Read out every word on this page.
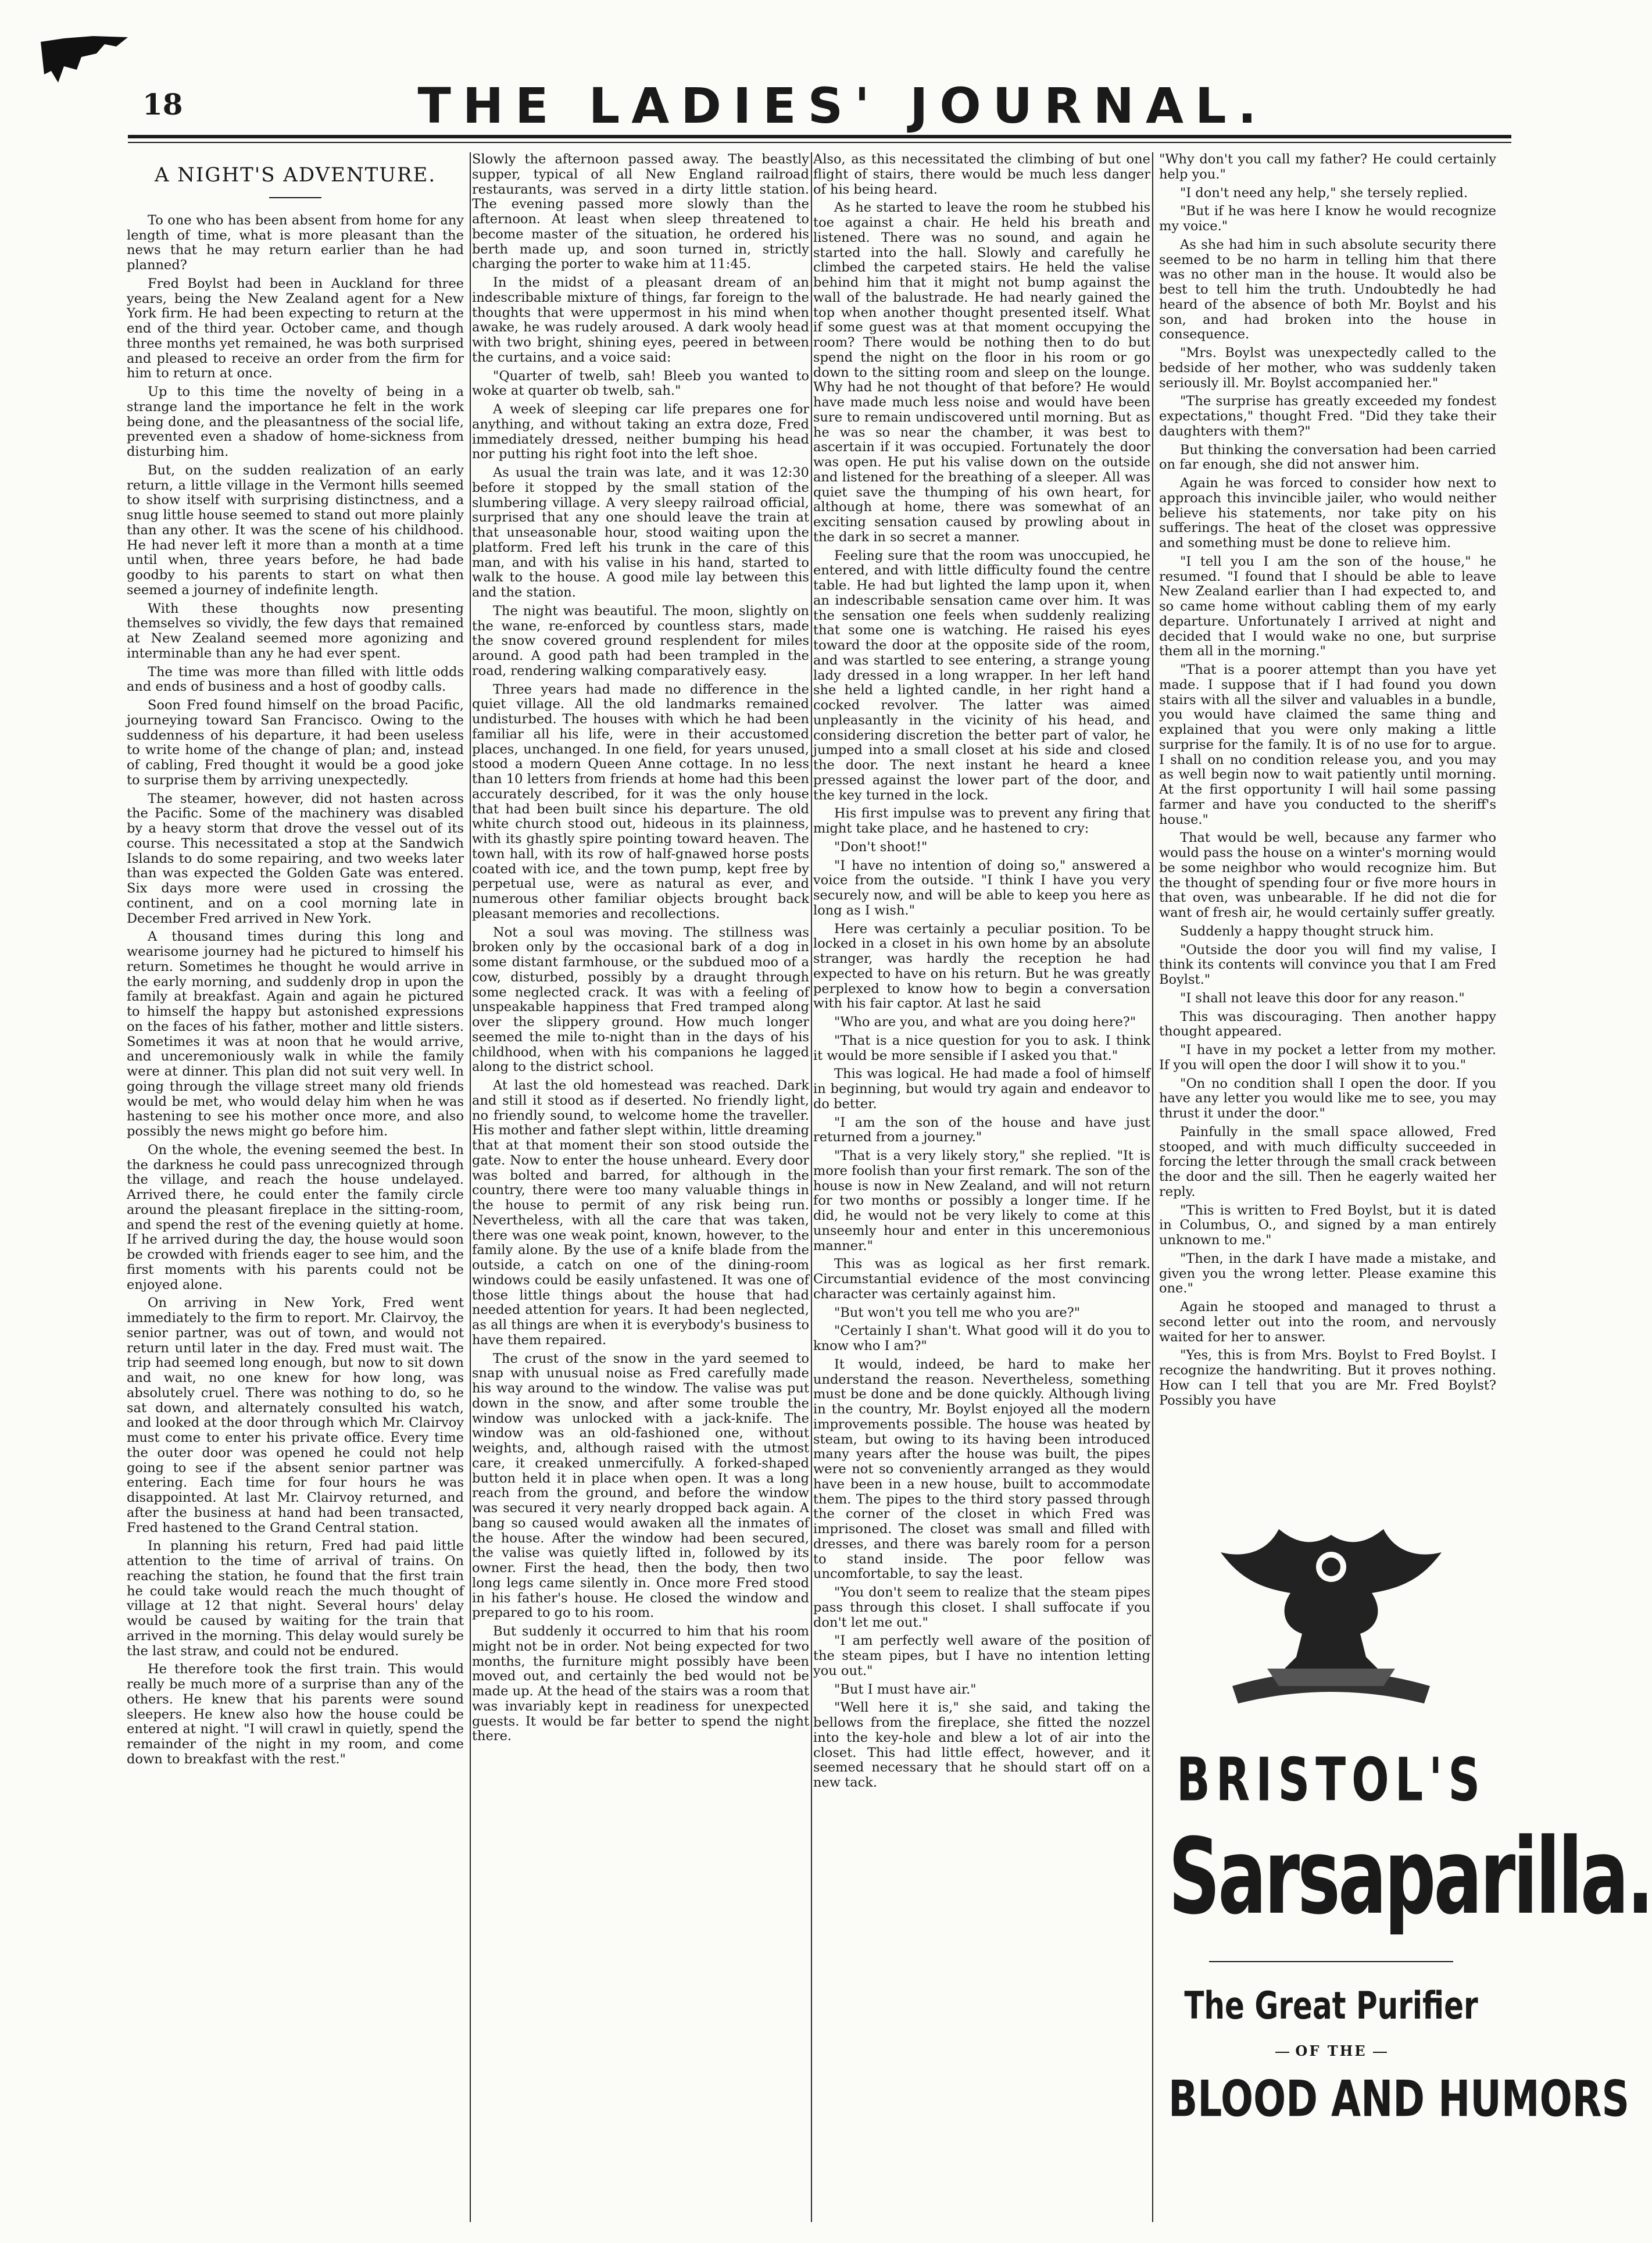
18	THE LADIES' JOURNAL.
A NIGHT'S ADVENTURE.

To one who has been absent from home for any length of time, what is more pleasant than the news that he may return earlier than he had planned?

Fred Boylst had been in Auckland for three years, being the New Zealand agent for a New York firm. He had been expecting to return at the end of the third year. October came, and though three months yet remained, he was both surprised and pleased to receive an order from the firm for him to return at once.

Up to this time the novelty of being in a strange land the importance he felt in the work being done, and the pleasantness of the social life, prevented even a shadow of home-sickness from disturbing him.

But, on the sudden realization of an early return, a little village in the Vermont hills seemed to show itself with surprising distinctness, and a snug little house seemed to stand out more plainly than any other. It was the scene of his childhood. He had never left it more than a month at a time until when, three years before, he had bade goodby to his parents to start on what then seemed a journey of indefinite length.

With these thoughts now presenting themselves so vividly, the few days that remained at New Zealand seemed more agonizing and interminable than any he had ever spent.

The time was more than filled with little odds and ends of business and a host of goodby calls.

Soon Fred found himself on the broad Pacific, journeying toward San Francisco. Owing to the suddenness of his departure, it had been useless to write home of the change of plan; and, instead of cabling, Fred thought it would be a good joke to surprise them by arriving unexpectedly.

The steamer, however, did not hasten across the Pacific. Some of the machinery was disabled by a heavy storm that drove the vessel out of its course. This necessitated a stop at the Sandwich Islands to do some repairing, and two weeks later than was expected the Golden Gate was entered. Six days more were used in crossing the continent, and on a cool morning late in December Fred arrived in New York.

A thousand times during this long and wearisome journey had he pictured to himself his return. Sometimes he thought he would arrive in the early morning, and suddenly drop in upon the family at breakfast. Again and again he pictured to himself the happy but astonished expressions on the faces of his father, mother and little sisters. Sometimes it was at noon that he would arrive, and unceremoniously walk in while the family were at dinner. This plan did not suit very well. In going through the village street many old friends would be met, who would delay him when he was hastening to see his mother once more, and also possibly the news might go before him.

On the whole, the evening seemed the best. In the darkness he could pass unrecognized through the village, and reach the house undelayed. Arrived there, he could enter the family circle around the pleasant fireplace in the sitting-room, and spend the rest of the evening quietly at home. If he arrived during the day, the house would soon be crowded with friends eager to see him, and the first moments with his parents could not be enjoyed alone.

On arriving in New York, Fred went immediately to the firm to report. Mr. Clairvoy, the senior partner, was out of town, and would not return until later in the day. Fred must wait. The trip had seemed long enough, but now to sit down and wait, no one knew for how long, was absolutely cruel. There was nothing to do, so he sat down, and alternately consulted his watch, and looked at the door through which Mr. Clairvoy must come to enter his private office. Every time the outer door was opened he could not help going to see if the absent senior partner was entering. Each time for four hours he was disappointed. At last Mr. Clairvoy returned, and after the business at hand had been transacted, Fred hastened to the Grand Central station.

In planning his return, Fred had paid little attention to the time of arrival of trains. On reaching the station, he found that the first train he could take would reach the much thought of village at 12 that night. Several hours' delay would be caused by waiting for the train that arrived in the morning. This delay would surely be the last straw, and could not be endured.

He therefore took the first train. This would really be much more of a surprise than any of the others. He knew that his parents were sound sleepers. He knew also how the house could be entered at night. "I will crawl in quietly, spend the remainder of the night in my room, and come down to breakfast with the rest."

Slowly the afternoon passed away. The beastly supper, typical of all New England railroad restaurants, was served in a dirty little station. The evening passed more slowly than the afternoon. At least when sleep threatened to become master of the situation, he ordered his berth made up, and soon turned in, strictly charging the porter to wake him at 11:45.

In the midst of a pleasant dream of an indescribable mixture of things, far foreign to the thoughts that were uppermost in his mind when awake, he was rudely aroused. A dark wooly head with two bright, shining eyes, peered in between the curtains, and a voice said:

"Quarter of twelb, sah! Bleeb you wanted to woke at quarter ob twelb, sah."

A week of sleeping car life prepares one for anything, and without taking an extra doze, Fred immediately dressed, neither bumping his head nor putting his right foot into the left shoe.

As usual the train was late, and it was 12:30 before it stopped by the small station of the slumbering village. A very sleepy railroad official, surprised that any one should leave the train at that unseasonable hour, stood waiting upon the platform. Fred left his trunk in the care of this man, and with his valise in his hand, started to walk to the house. A good mile lay between this and the station.

The night was beautiful. The moon, slightly on the wane, re-enforced by countless stars, made the snow covered ground resplendent for miles around. A good path had been trampled in the road, rendering walking comparatively easy.

Three years had made no difference in the quiet village. All the old landmarks remained undisturbed. The houses with which he had been familiar all his life, were in their accustomed places, unchanged. In one field, for years unused, stood a modern Queen Anne cottage. In no less than 10 letters from friends at home had this been accurately described, for it was the only house that had been built since his departure. The old white church stood out, hideous in its plainness, with its ghastly spire pointing toward heaven. The town hall, with its row of half-gnawed horse posts coated with ice, and the town pump, kept free by perpetual use, were as natural as ever, and numerous other familiar objects brought back pleasant memories and recollections.

Not a soul was moving. The stillness was broken only by the occasional bark of a dog in some distant farmhouse, or the subdued moo of a cow, disturbed, possibly by a draught through some neglected crack. It was with a feeling of unspeakable happiness that Fred tramped along over the slippery ground. How much longer seemed the mile to-night than in the days of his childhood, when with his companions he lagged along to the district school.

At last the old homestead was reached. Dark and still it stood as if deserted. No friendly light, no friendly sound, to welcome home the traveller. His mother and father slept within, little dreaming that at that moment their son stood outside the gate. Now to enter the house unheard. Every door was bolted and barred, for although in the country, there were too many valuable things in the house to permit of any risk being run. Nevertheless, with all the care that was taken, there was one weak point, known, however, to the family alone. By the use of a knife blade from the outside, a catch on one of the dining-room windows could be easily unfastened. It was one of those little things about the house that had needed attention for years. It had been neglected, as all things are when it is everybody's business to have them repaired.

The crust of the snow in the yard seemed to snap with unusual noise as Fred carefully made his way around to the window. The valise was put down in the snow, and after some trouble the window was unlocked with a jack-knife. The window was an old-fashioned one, without weights, and, although raised with the utmost care, it creaked unmercifully. A forked-shaped button held it in place when open. It was a long reach from the ground, and before the window was secured it very nearly dropped back again. A bang so caused would awaken all the inmates of the house. After the window had been secured, the valise was quietly lifted in, followed by its owner. First the head, then the body, then two long legs came silently in. Once more Fred stood in his father's house. He closed the window and prepared to go to his room.

But suddenly it occurred to him that his room might not be in order. Not being expected for two months, the furniture might possibly have been moved out, and certainly the bed would not be made up. At the head of the stairs was a room that was invariably kept in readiness for unexpected guests. It would be far better to spend the night there.

Also, as this necessitated the climbing of but one flight of stairs, there would be much less danger of his being heard.

As he started to leave the room he stubbed his toe against a chair. He held his breath and listened. There was no sound, and again he started into the hall. Slowly and carefully he climbed the carpeted stairs. He held the valise behind him that it might not bump against the wall of the balustrade. He had nearly gained the top when another thought presented itself. What if some guest was at that moment occupying the room? There would be nothing then to do but spend the night on the floor in his room or go down to the sitting room and sleep on the lounge. Why had he not thought of that before? He would have made much less noise and would have been sure to remain undiscovered until morning. But as he was so near the chamber, it was best to ascertain if it was occupied. Fortunately the door was open. He put his valise down on the outside and listened for the breathing of a sleeper. All was quiet save the thumping of his own heart, for although at home, there was somewhat of an exciting sensation caused by prowling about in the dark in so secret a manner.

Feeling sure that the room was unoccupied, he entered, and with little difficulty found the centre table. He had but lighted the lamp upon it, when an indescribable sensation came over him. It was the sensation one feels when suddenly realizing that some one is watching. He raised his eyes toward the door at the opposite side of the room, and was startled to see entering, a strange young lady dressed in a long wrapper. In her left hand she held a lighted candle, in her right hand a cocked revolver. The latter was aimed unpleasantly in the vicinity of his head, and considering discretion the better part of valor, he jumped into a small closet at his side and closed the door. The next instant he heard a knee pressed against the lower part of the door, and the key turned in the lock.

His first impulse was to prevent any firing that might take place, and he hastened to cry:

"Don't shoot!"

"I have no intention of doing so," answered a voice from the outside. "I think I have you very securely now, and will be able to keep you here as long as I wish."

Here was certainly a peculiar position. To be locked in a closet in his own home by an absolute stranger, was hardly the reception he had expected to have on his return. But he was greatly perplexed to know how to begin a conversation with his fair captor. At last he said

"Who are you, and what are you doing here?"

"That is a nice question for you to ask. I think it would be more sensible if I asked you that."

This was logical. He had made a fool of himself in beginning, but would try again and endeavor to do better.

"I am the son of the house and have just returned from a journey."

"That is a very likely story," she replied. "It is more foolish than your first remark. The son of the house is now in New Zealand, and will not return for two months or possibly a longer time. If he did, he would not be very likely to come at this unseemly hour and enter in this unceremonious manner."

This was as logical as her first remark. Circumstantial evidence of the most convincing character was certainly against him.

"But won't you tell me who you are?"

"Certainly I shan't. What good will it do you to know who I am?"

It would, indeed, be hard to make her understand the reason. Nevertheless, something must be done and be done quickly. Although living in the country, Mr. Boylst enjoyed all the modern improvements possible. The house was heated by steam, but owing to its having been introduced many years after the house was built, the pipes were not so conveniently arranged as they would have been in a new house, built to accommodate them. The pipes to the third story passed through the corner of the closet in which Fred was imprisoned. The closet was small and filled with dresses, and there was barely room for a person to stand inside. The poor fellow was uncomfortable, to say the least.

"You don't seem to realize that the steam pipes pass through this closet. I shall suffocate if you don't let me out."

"I am perfectly well aware of the position of the steam pipes, but I have no intention letting you out."

"But I must have air."

"Well here it is," she said, and taking the bellows from the fireplace, she fitted the nozzel into the key-hole and blew a lot of air into the closet. This had little effect, however, and it seemed necessary that he should start off on a new tack.

"Why don't you call my father? He could certainly help you."

"I don't need any help," she tersely replied.

"But if he was here I know he would recognize my voice."

As she had him in such absolute security there seemed to be no harm in telling him that there was no other man in the house. It would also be best to tell him the truth. Undoubtedly he had heard of the absence of both Mr. Boylst and his son, and had broken into the house in consequence.

"Mrs. Boylst was unexpectedly called to the bedside of her mother, who was suddenly taken seriously ill. Mr. Boylst accompanied her."

"The surprise has greatly exceeded my fondest expectations," thought Fred. "Did they take their daughters with them?"

But thinking the conversation had been carried on far enough, she did not answer him.

Again he was forced to consider how next to approach this invincible jailer, who would neither believe his statements, nor take pity on his sufferings. The heat of the closet was oppressive and something must be done to relieve him.

"I tell you I am the son of the house," he resumed. "I found that I should be able to leave New Zealand earlier than I had expected to, and so came home without cabling them of my early departure. Unfortunately I arrived at night and decided that I would wake no one, but surprise them all in the morning."

"That is a poorer attempt than you have yet made. I suppose that if I had found you down stairs with all the silver and valuables in a bundle, you would have claimed the same thing and explained that you were only making a little surprise for the family. It is of no use for to argue. I shall on no condition release you, and you may as well begin now to wait patiently until morning. At the first opportunity I will hail some passing farmer and have you conducted to the sheriff's house."

That would be well, because any farmer who would pass the house on a winter's morning would be some neighbor who would recognize him. But the thought of spending four or five more hours in that oven, was unbearable. If he did not die for want of fresh air, he would certainly suffer greatly.

Suddenly a happy thought struck him.

"Outside the door you will find my valise, I think its contents will convince you that I am Fred Boylst."

"I shall not leave this door for any reason."

This was discouraging. Then another happy thought appeared.

"I have in my pocket a letter from my mother. If you will open the door I will show it to you."

"On no condition shall I open the door. If you have any letter you would like me to see, you may thrust it under the door."

Painfully in the small space allowed, Fred stooped, and with much difficulty succeeded in forcing the letter through the small crack between the door and the sill. Then he eagerly waited her reply.

"This is written to Fred Boylst, but it is dated in Columbus, O., and signed by a man entirely unknown to me."

"Then, in the dark I have made a mistake, and given you the wrong letter. Please examine this one."

Again he stooped and managed to thrust a second letter out into the room, and nervously waited for her to answer.

"Yes, this is from Mrs. Boylst to Fred Boylst. I recognize the handwriting. But it proves nothing. How can I tell that you are Mr. Fred Boylst? Possibly you have

BRISTOL'S
Sarsaparilla.
The Great Purifier
OF THE
BLOOD AND HUMORS
